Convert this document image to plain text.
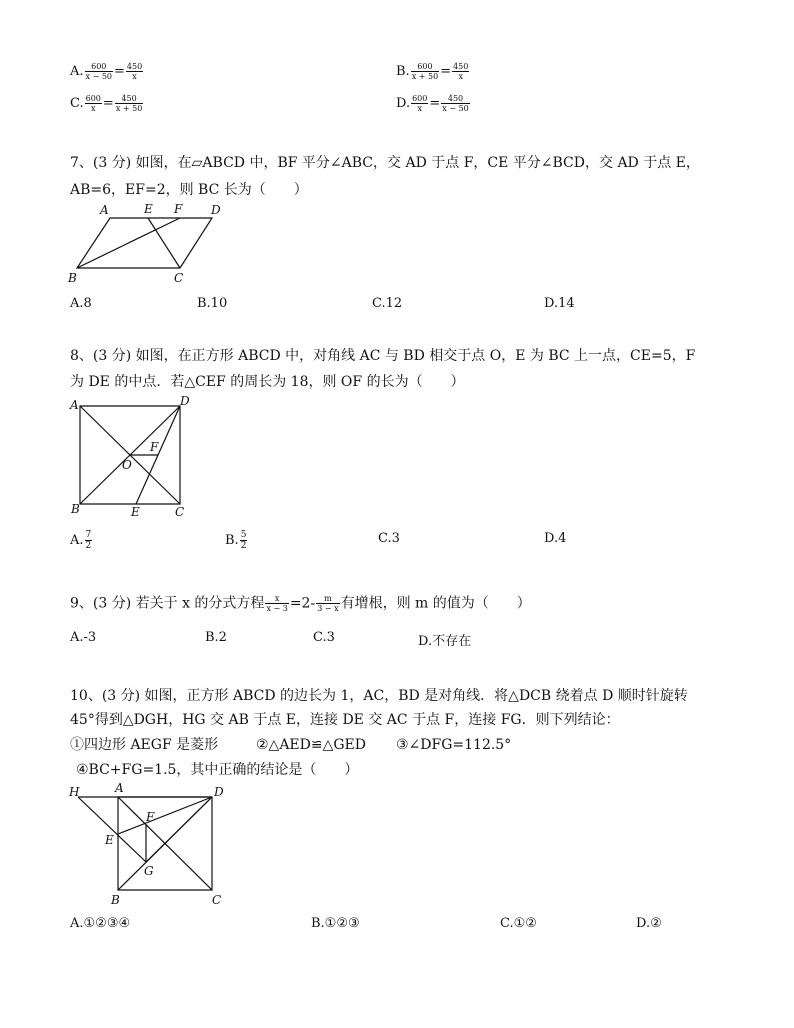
A. $\frac{600}{x - 50} = \frac{450}{x}$	B. $\frac{600}{x + 50} = \frac{450}{x}$
C. $\frac{600}{x} = \frac{450}{x + 50}$	D. $\frac{600}{x} = \frac{450}{x - 50}$
7、(3 分) 如图，在▱ABCD 中，BF 平分∠ABC，交 AD 于点 F，CE 平分∠BCD，交 AD 于点 E，
AB=6，EF=2，则 BC 长为（　　）
A	E F D
B	C
A.8	B.10	C.12	D.14
8、(3 分) 如图，在正方形 ABCD 中，对角线 AC 与 BD 相交于点 O，E 为 BC 上一点，CE=5，F
为 DE 的中点．若△CEF 的周长为 18，则 OF 的长为（　　）
A	D
F
O
B	E	C
A. $\frac{7}{2}$	B. $\frac{5}{2}$	C.3	D.4
9、(3 分) 若关于 x 的分式方程 $\frac{x}{x - 3} =2- \frac{m}{3 - x}$ 有增根，则 m 的值为（　　）
A.-3	B.2	C.3	D.不存在
10、(3 分) 如图，正方形 ABCD 的边长为 1，AC，BD 是对角线．将△DCB 绕着点 D 顺时针旋转
45°得到△DGH，HG 交 AB 于点 E，连接 DE 交 AC 于点 F，连接 FG．则下列结论：
①四边形 AEGF 是菱形	②△AED≌△GED ③∠DFG=112.5°
④BC+FG=1.5，其中正确的结论是（　　）
H	A	D
F
E
G
B	C
A.①②③④	B.①②③	C.①②	D.②
